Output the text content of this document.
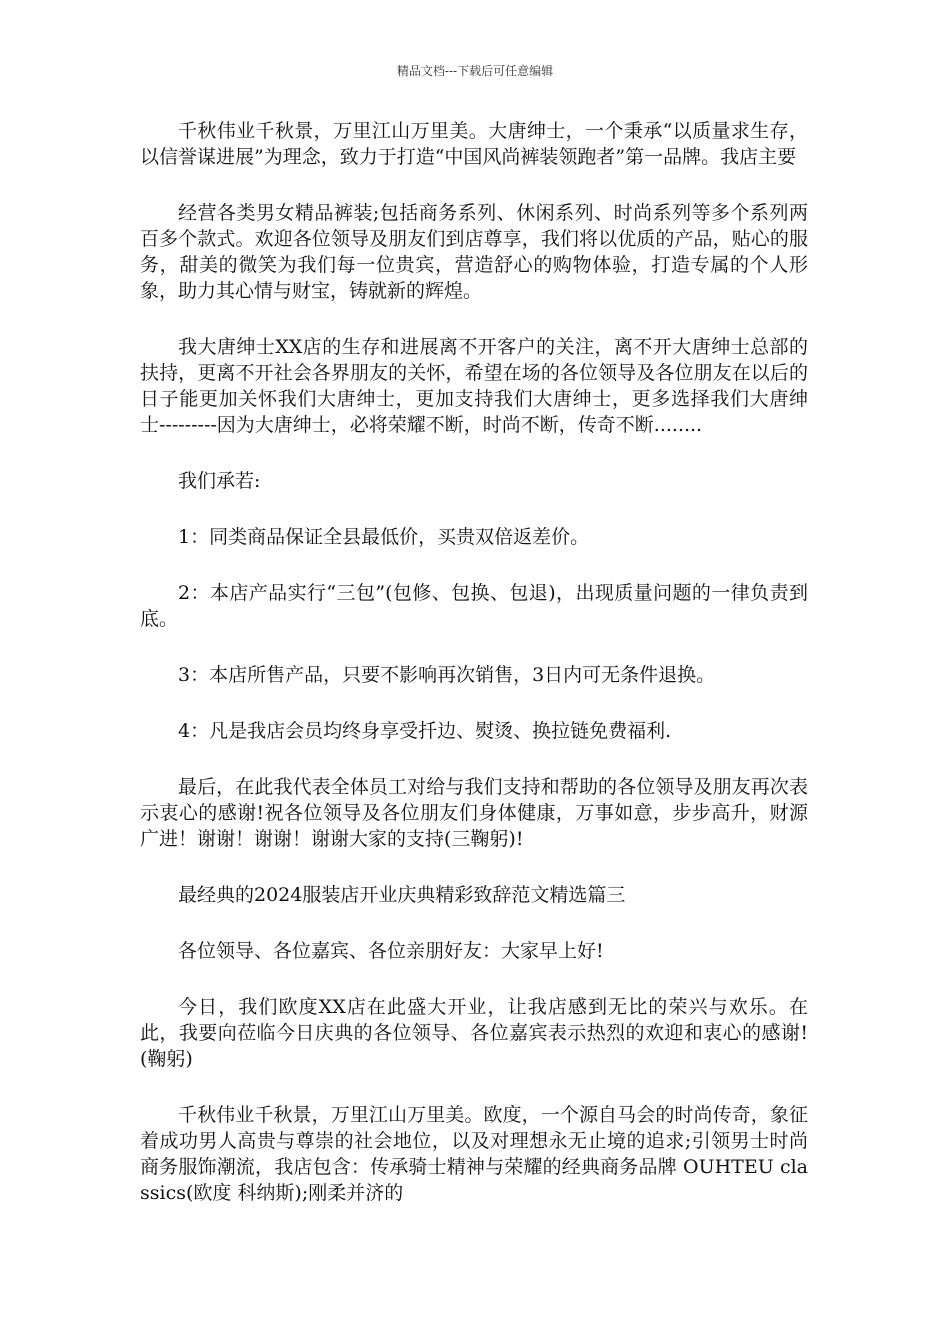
精品文档---下载后可任意编辑

千秋伟业千秋景，万里江山万里美。大唐绅士，一个秉承“以质量求生存，以信誉谋进展”为理念，致力于打造“中国风尚裤装领跑者”第一品牌。我店主要

经营各类男女精品裤装;包括商务系列、休闲系列、时尚系列等多个系列两百多个款式。欢迎各位领导及朋友们到店尊享，我们将以优质的产品，贴心的服务，甜美的微笑为我们每一位贵宾，营造舒心的购物体验，打造专属的个人形象，助力其心情与财宝，铸就新的辉煌。

我大唐绅士XX店的生存和进展离不开客户的关注，离不开大唐绅士总部的扶持，更离不开社会各界朋友的关怀，希望在场的各位领导及各位朋友在以后的日子能更加关怀我们大唐绅士，更加支持我们大唐绅士，更多选择我们大唐绅士---------因为大唐绅士，必将荣耀不断，时尚不断，传奇不断........

我们承若:

1：同类商品保证全县最低价，买贵双倍返差价。

2：本店产品实行“三包”(包修、包换、包退)，出现质量问题的一律负责到底。

3：本店所售产品，只要不影响再次销售，3日内可无条件退换。

4：凡是我店会员均终身享受扦边、熨烫、换拉链免费福利.

最后，在此我代表全体员工对给与我们支持和帮助的各位领导及朋友再次表示衷心的感谢!祝各位领导及各位朋友们身体健康，万事如意，步步高升，财源广进！谢谢！谢谢！谢谢大家的支持(三鞠躬)!

最经典的2024服装店开业庆典精彩致辞范文精选篇三

各位领导、各位嘉宾、各位亲朋好友：大家早上好!

今日，我们欧度XX店在此盛大开业，让我店感到无比的荣兴与欢乐。在此，我要向莅临今日庆典的各位领导、各位嘉宾表示热烈的欢迎和衷心的感谢!(鞠躬)

千秋伟业千秋景，万里江山万里美。欧度，一个源自马会的时尚传奇，象征着成功男人高贵与尊崇的社会地位，以及对理想永无止境的追求;引领男士时尚商务服饰潮流，我店包含：传承骑士精神与荣耀的经典商务品牌 OUHTEU classics(欧度 科纳斯);刚柔并济的
